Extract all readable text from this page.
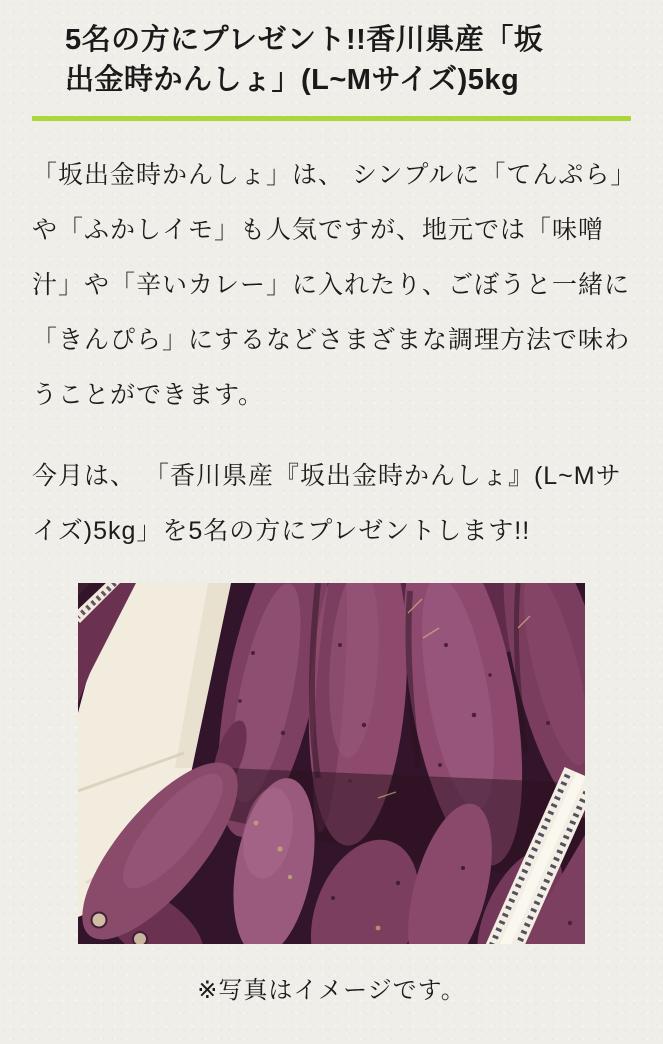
5名の方にプレゼント!!香川県産「坂出金時かんしょ」(L~Mサイズ)5kg

「坂出金時かんしょ」は、 シンプルに「てんぷら」や「ふかしイモ」も人気ですが、地元では「味噌汁」や「辛いカレー」に入れたり、ごぼうと一緒に「きんぴら」にするなどさまざまな調理方法で味わうことができます。

今月は、 「香川県産『坂出金時かんしょ』(L~Mサイズ)5kg」を5名の方にプレゼントします!!

※写真はイメージです。
